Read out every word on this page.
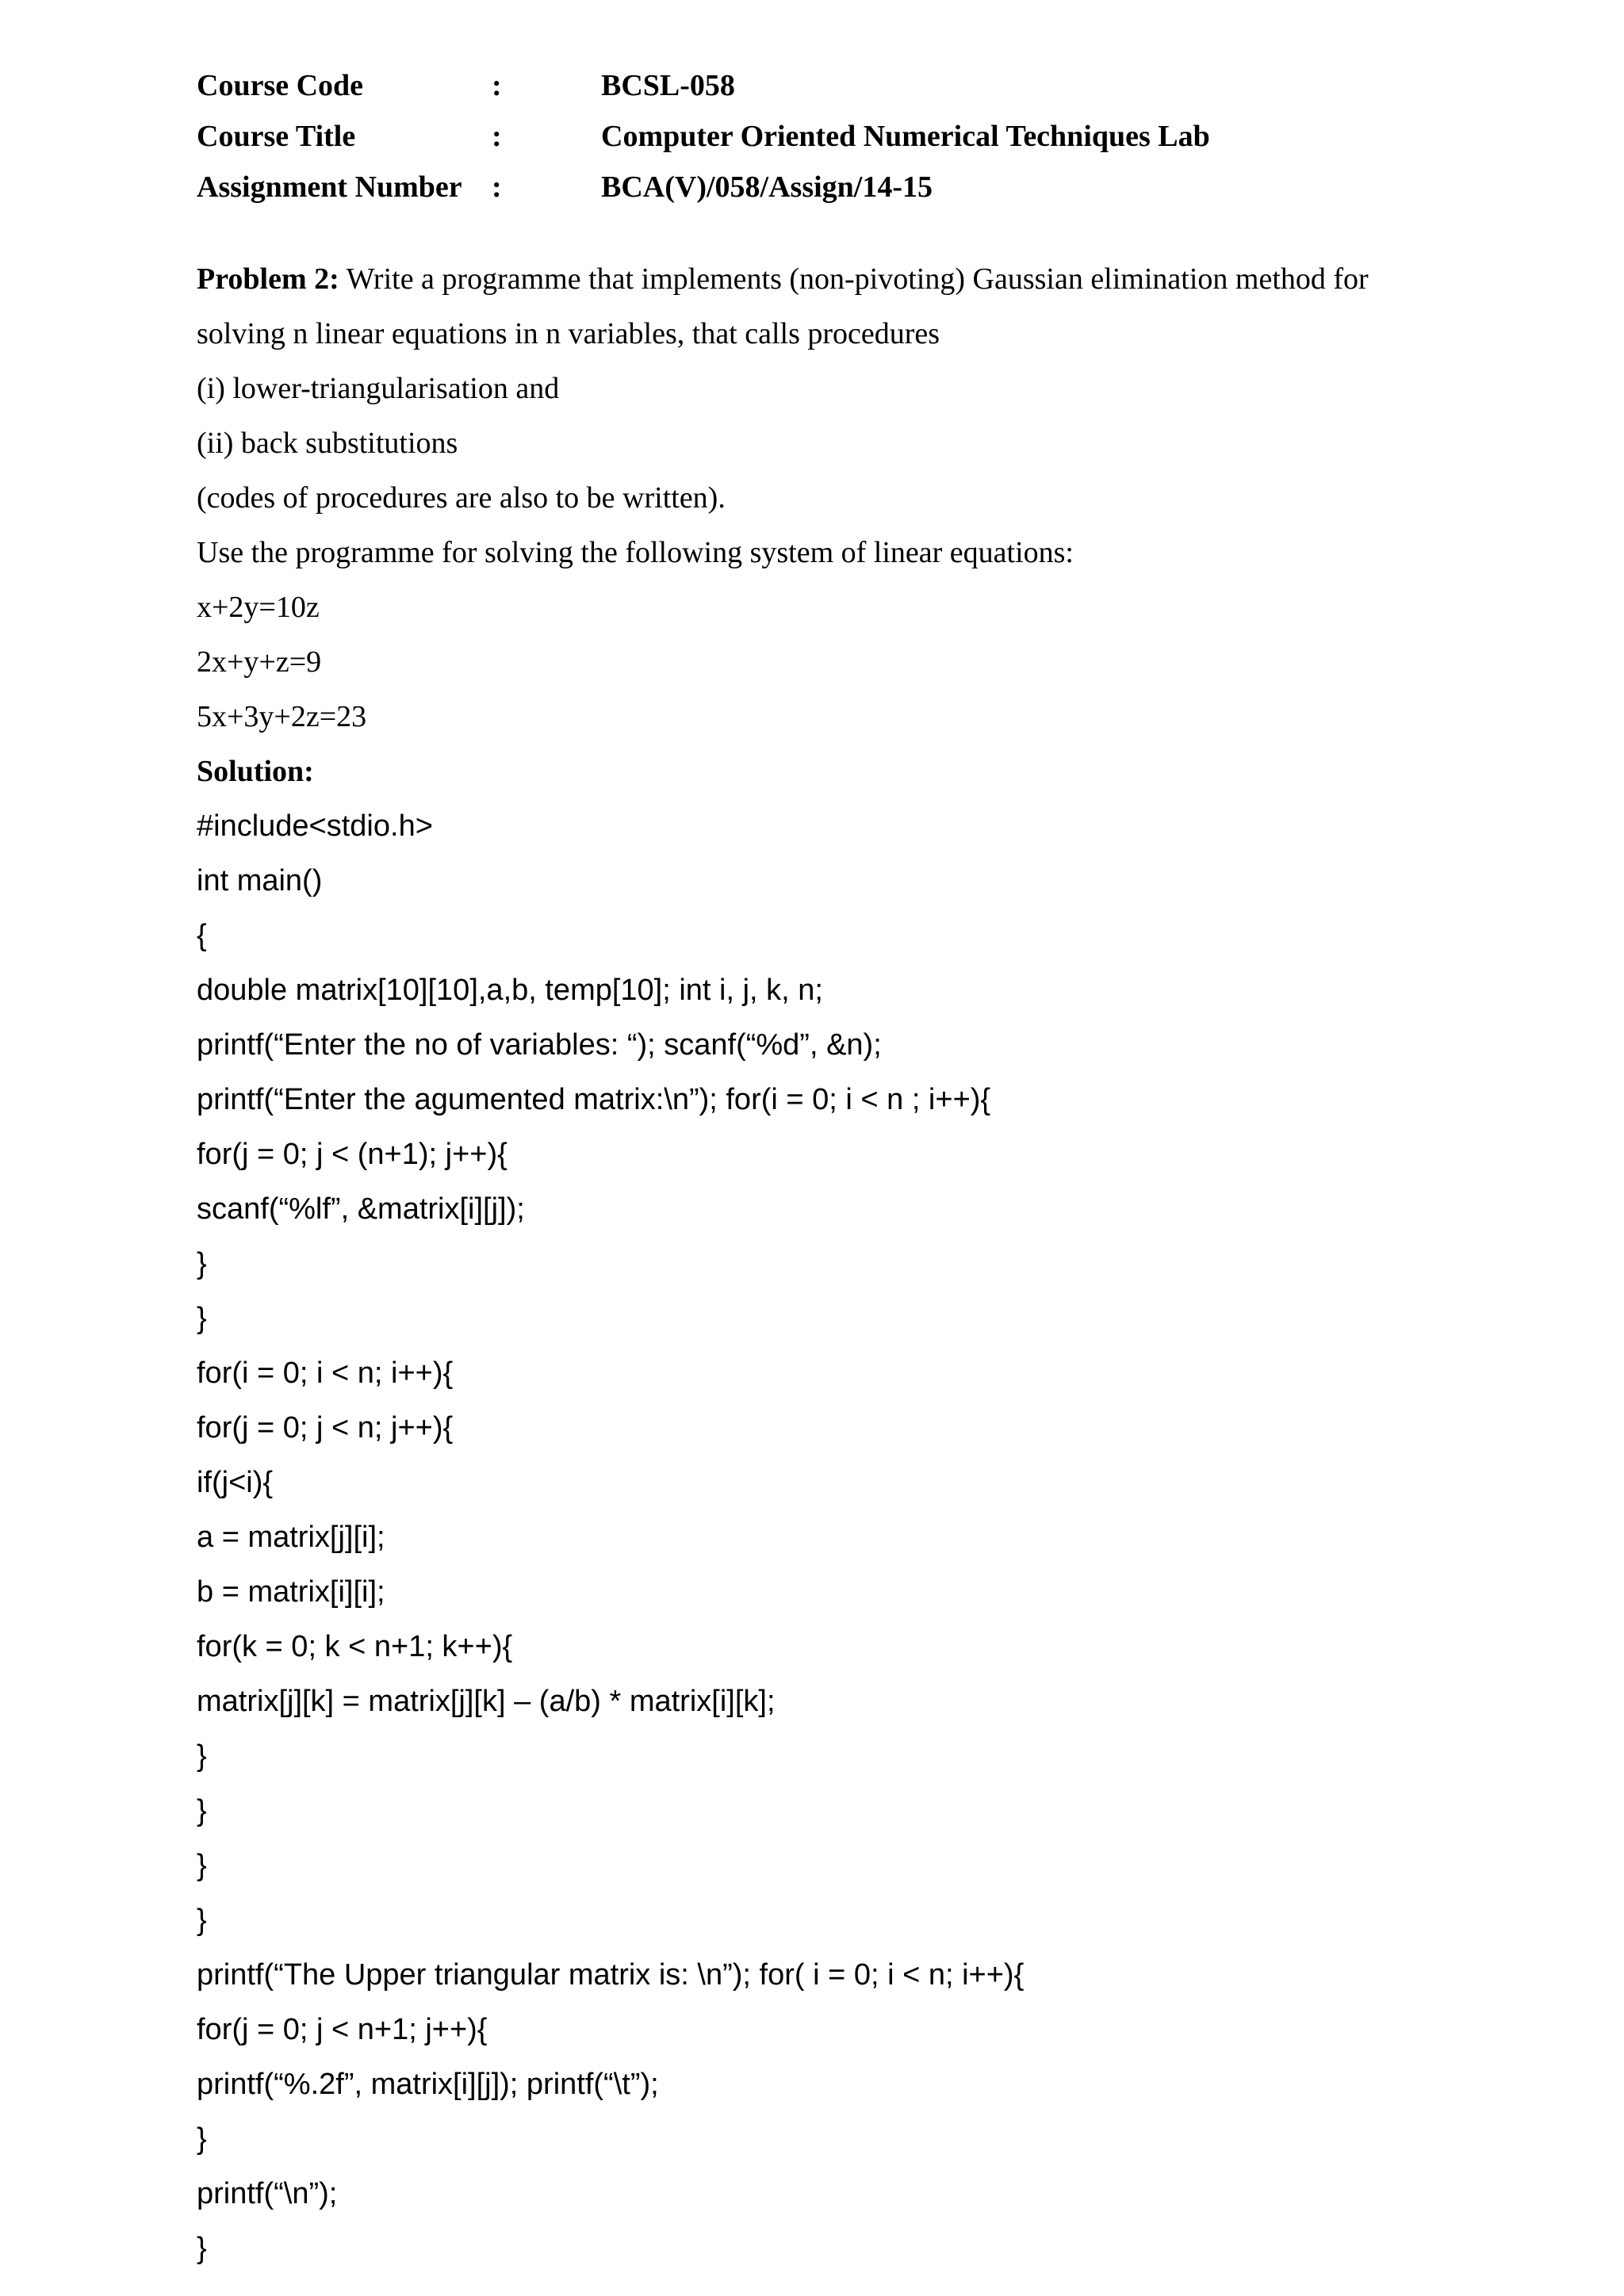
Course Code	:	BCSL-058
Course Title	:	Computer Oriented Numerical Techniques Lab
Assignment Number :	BCA(V)/058/Assign/14-15
Problem 2: Write a programme that implements (non-pivoting) Gaussian elimination method for
solving n linear equations in n variables, that calls procedures
(i) lower-triangularisation and
(ii) back substitutions
(codes of procedures are also to be written).
Use the programme for solving the following system of linear equations:
x+2y=10z
2x+y+z=9
5x+3y+2z=23
Solution:
#include<stdio.h>
int main()
{
double matrix[10][10],a,b, temp[10]; int i, j, k, n;
printf(“Enter the no of variables: “); scanf(“%d”, &n);
printf(“Enter the agumented matrix:\n”); for(i = 0; i < n ; i++){
for(j = 0; j < (n+1); j++){
scanf(“%lf”, &matrix[i][j]);
}
}
for(i = 0; i < n; i++){
for(j = 0; j < n; j++){
if(j<i){
a = matrix[j][i];
b = matrix[i][i];
for(k = 0; k < n+1; k++){
matrix[j][k] = matrix[j][k] – (a/b) * matrix[i][k];
}
}
}
}
printf(“The Upper triangular matrix is: \n”); for( i = 0; i < n; i++){
for(j = 0; j < n+1; j++){
printf(“%.2f”, matrix[i][j]); printf(“\t”);
}
printf(“\n”);
}
